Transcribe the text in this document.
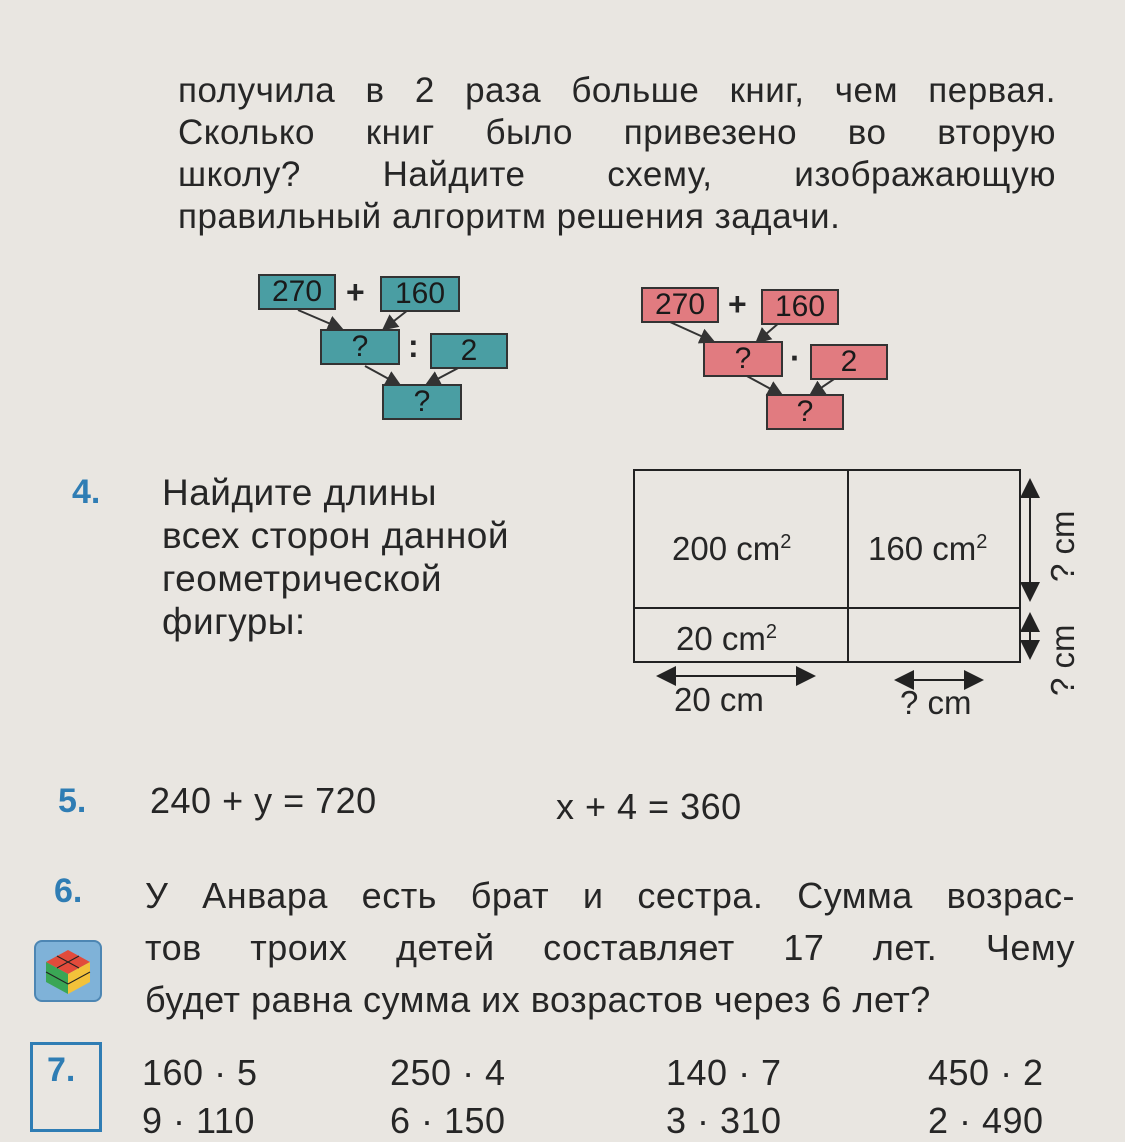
получила в 2 раза больше книг, чем первая.
Сколько книг было привезено во вторую
школу? Найдите схему, изображающую
правильный алгоритм решения задачи.
270 +	160
?	:	2
?
270 + 160
?	·	2
?
4. Найдите длины
всех сторон данной
геометрической
фигуры:
200 $cm^2$ 160 $cm^2$
20 $cm^2$
20 cm	? cm
? cm
? cm
5. 240 + y = 720	x + 4 = 360
6. У Анвара есть брат и сестра. Сумма возрас-
тов троих детей составляет 17 лет. Чему
будет равна сумма их возрастов через 6 лет?
7. 160 · 5	250 · 4	140 · 7	450 · 2
9 · 110	6 · 150	3 · 310	2 · 490
